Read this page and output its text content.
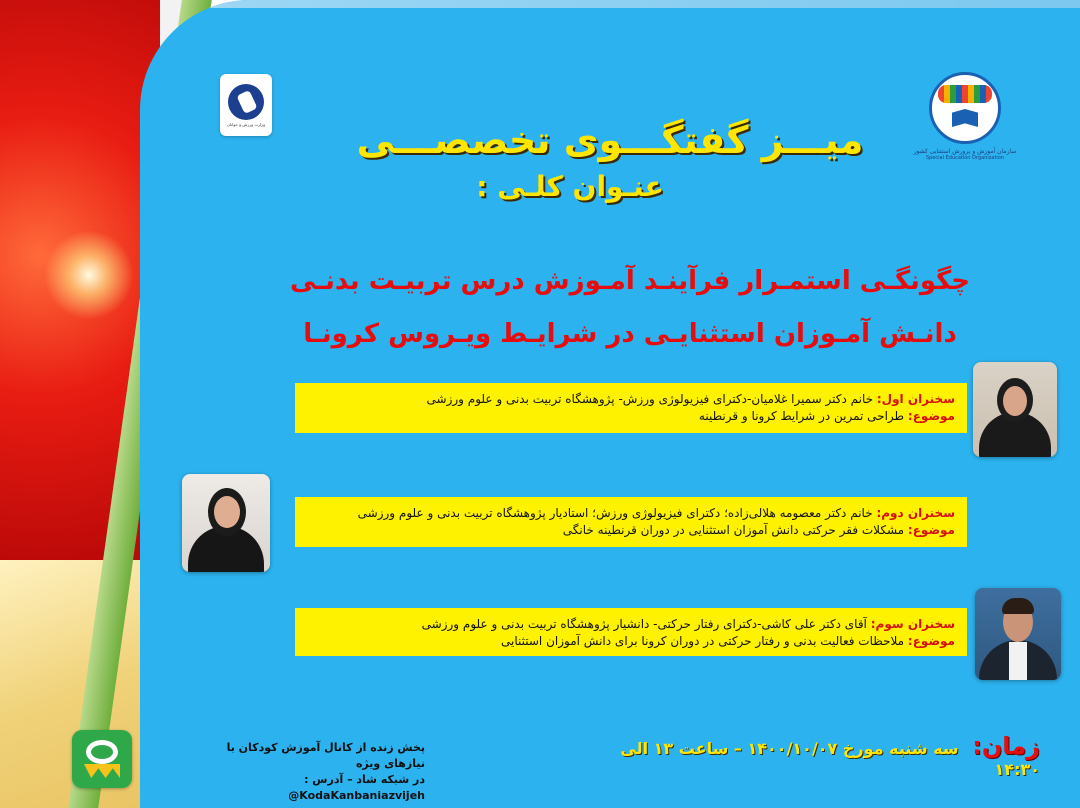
وزارت ورزش و جوانان
سازمان آموزش و پرورش استثنایی کشور
Special Education Organization
میـــز گفتگـــوی تخصصـــی
عنـوان کلـی :
چگونگـی استمـرار فرآینـد آمـوزش درس تربیـت بدنـی
دانـش آمـوزان استثنایـی در شرایـط ویـروس کرونـا
سخنران اول: خانم دکتر سمیرا غلامیان-دکترای فیزیولوژی ورزش- پژوهشگاه تربیت بدنی و علوم ورزشی
موضوع: طراحی تمرین در شرایط کرونا و قرنطینه
سخنران دوم: خانم دکتر معصومه هلالی‌زاده؛ دکترای فیزیولوژی ورزش؛ استادیار پژوهشگاه تربیت بدنی و علوم ورزشی
موضوع: مشکلات فقر حرکتی دانش آموزان استثنایی در دوران قرنطینه خانگی
سخنران سوم: آقای دکتر علی کاشی-دکترای رفتار حرکتی- دانشیار پژوهشگاه تربیت بدنی و علوم ورزشی
موضوع: ملاحظات فعالیت بدنی و رفتار حرکتی در دوران کرونا برای دانش آموزان استثنایی
زمان: سه شنبه مورخ ۱۴۰۰/۱۰/۰۷ – ساعت ۱۳ الی ۱۴:۳۰
پخش زنده از کانال آموزش کودکان با نیازهای ویژه
در شبکه شاد – آدرس : @KodaKanbaniazvijeh
